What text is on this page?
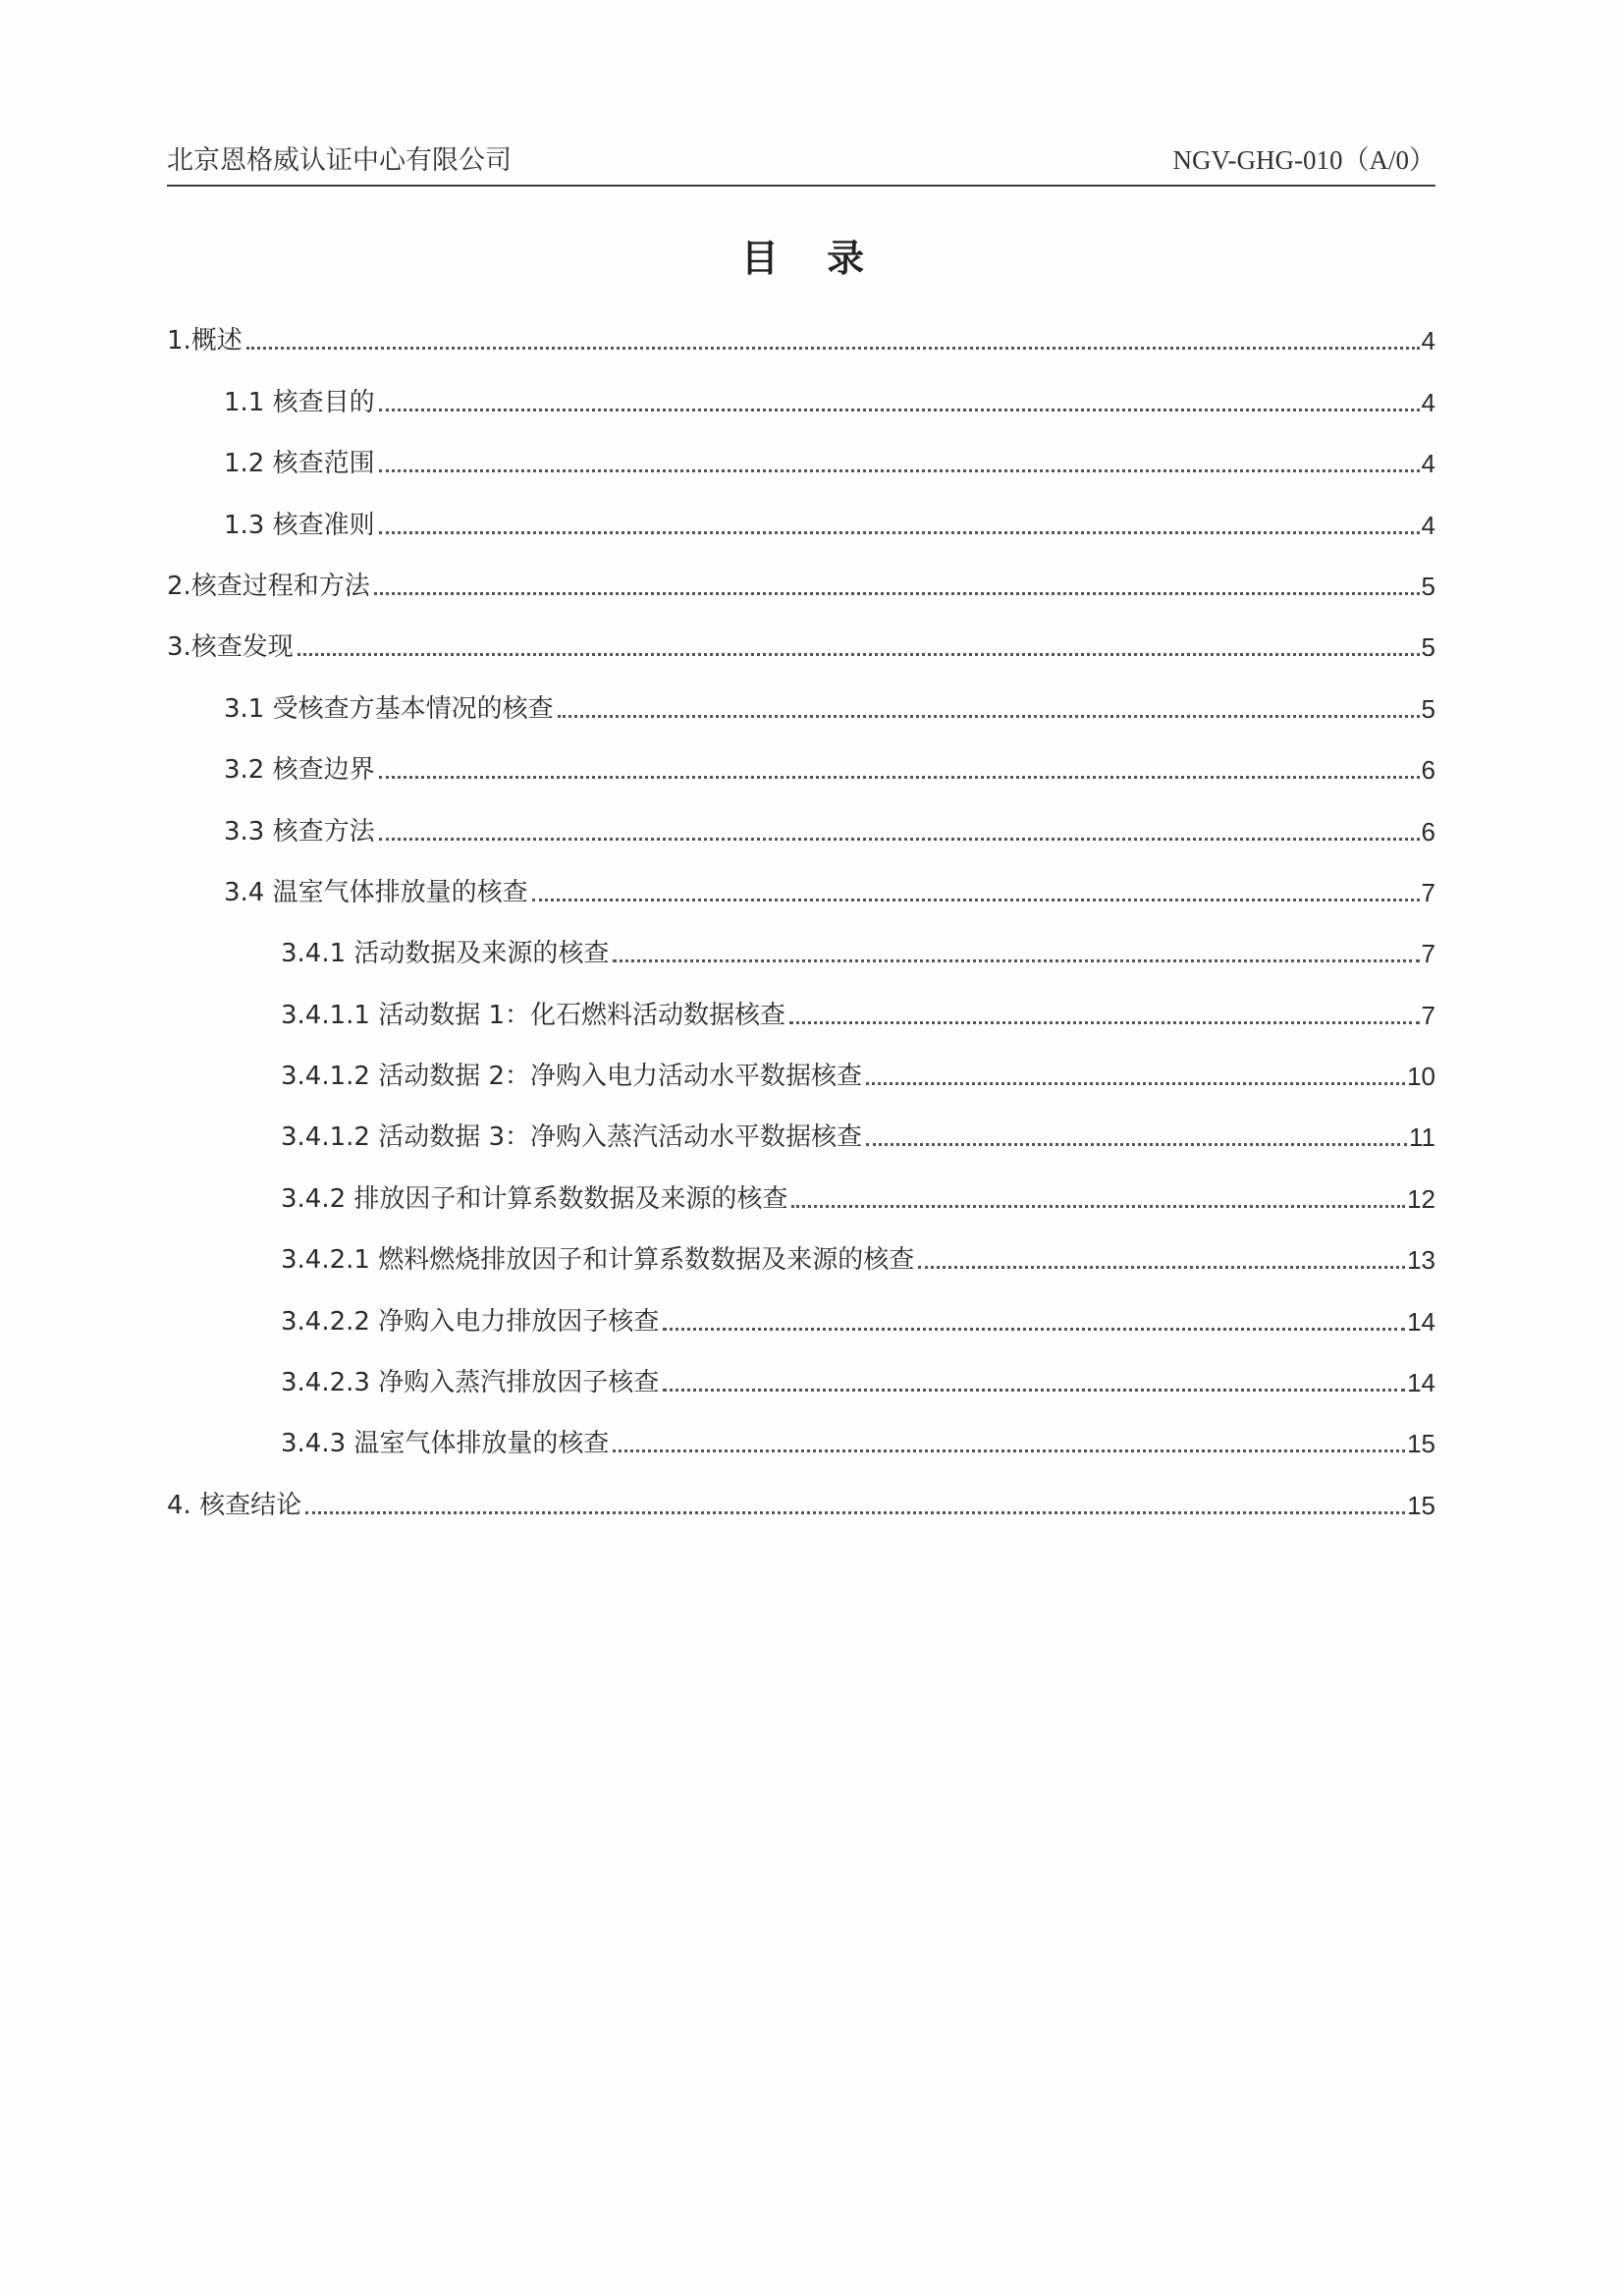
北京恩格威认证中心有限公司	NGV-GHG-010（A/0）
目 录
1.概述	4
1.1 核查目的	4
1.2 核查范围	4
1.3 核查准则	4
2.核查过程和方法	5
3.核查发现	5
3.1 受核查方基本情况的核查	5
3.2 核查边界	6
3.3 核查方法	6
3.4 温室气体排放量的核查	7
3.4.1 活动数据及来源的核查	7
3.4.1.1 活动数据 1：化石燃料活动数据核查	7
3.4.1.2 活动数据 2：净购入电力活动水平数据核查	10
3.4.1.2 活动数据 3：净购入蒸汽活动水平数据核查	11
3.4.2 排放因子和计算系数数据及来源的核查	12
3.4.2.1 燃料燃烧排放因子和计算系数数据及来源的核查	13
3.4.2.2 净购入电力排放因子核查	14
3.4.2.3 净购入蒸汽排放因子核查	14
3.4.3 温室气体排放量的核查	15
4. 核查结论	15
